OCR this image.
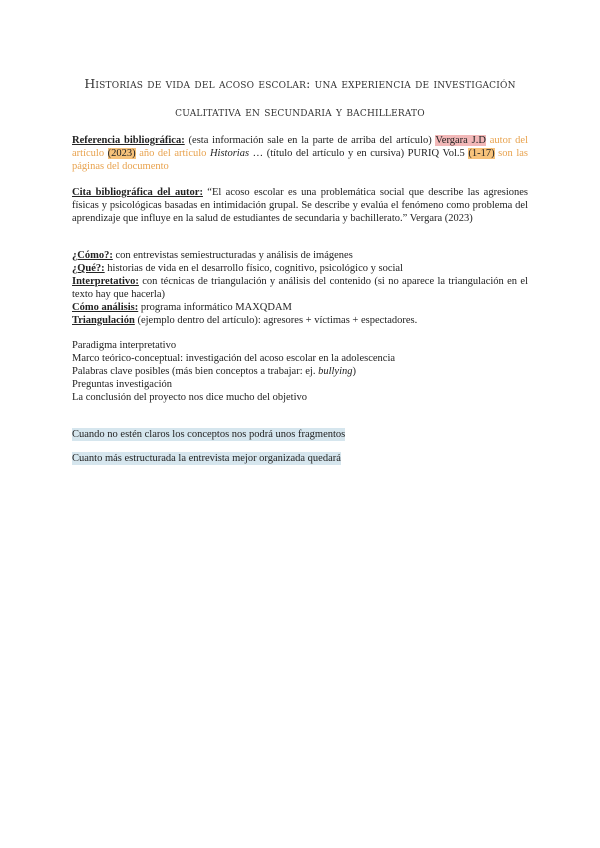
Historias de vida del acoso escolar: una experiencia de investigación cualitativa en secundaria y bachillerato
Referencia bibliográfica: (esta información sale en la parte de arriba del artículo) Vergara J.D autor del artículo (2023) año del artículo Historias … (título del artículo y en cursiva) PURIQ Vol.5 (1-17) son las páginas del documento
Cita bibliográfica del autor: “El acoso escolar es una problemática social que describe las agresiones físicas y psicológicas basadas en intimidación grupal. Se describe y evalúa el fenómeno como problema del aprendizaje que influye en la salud de estudiantes de secundaria y bachillerato.” Vergara (2023)
¿Cómo?: con entrevistas semiestructuradas y análisis de imágenes
¿Qué?: historias de vida en el desarrollo físico, cognitivo, psicológico y social
Interpretativo: con técnicas de triangulación y análisis del contenido (si no aparece la triangulación en el texto hay que hacerla)
Cómo análisis: programa informático MAXQDAM
Triangulación (ejemplo dentro del artículo): agresores + víctimas + espectadores.
Paradigma interpretativo
Marco teórico-conceptual: investigación del acoso escolar en la adolescencia
Palabras clave posibles (más bien conceptos a trabajar: ej. bullying)
Preguntas investigación
La conclusión del proyecto nos dice mucho del objetivo
Cuando no estén claros los conceptos nos podrá unos fragmentos
Cuanto más estructurada la entrevista mejor organizada quedará
